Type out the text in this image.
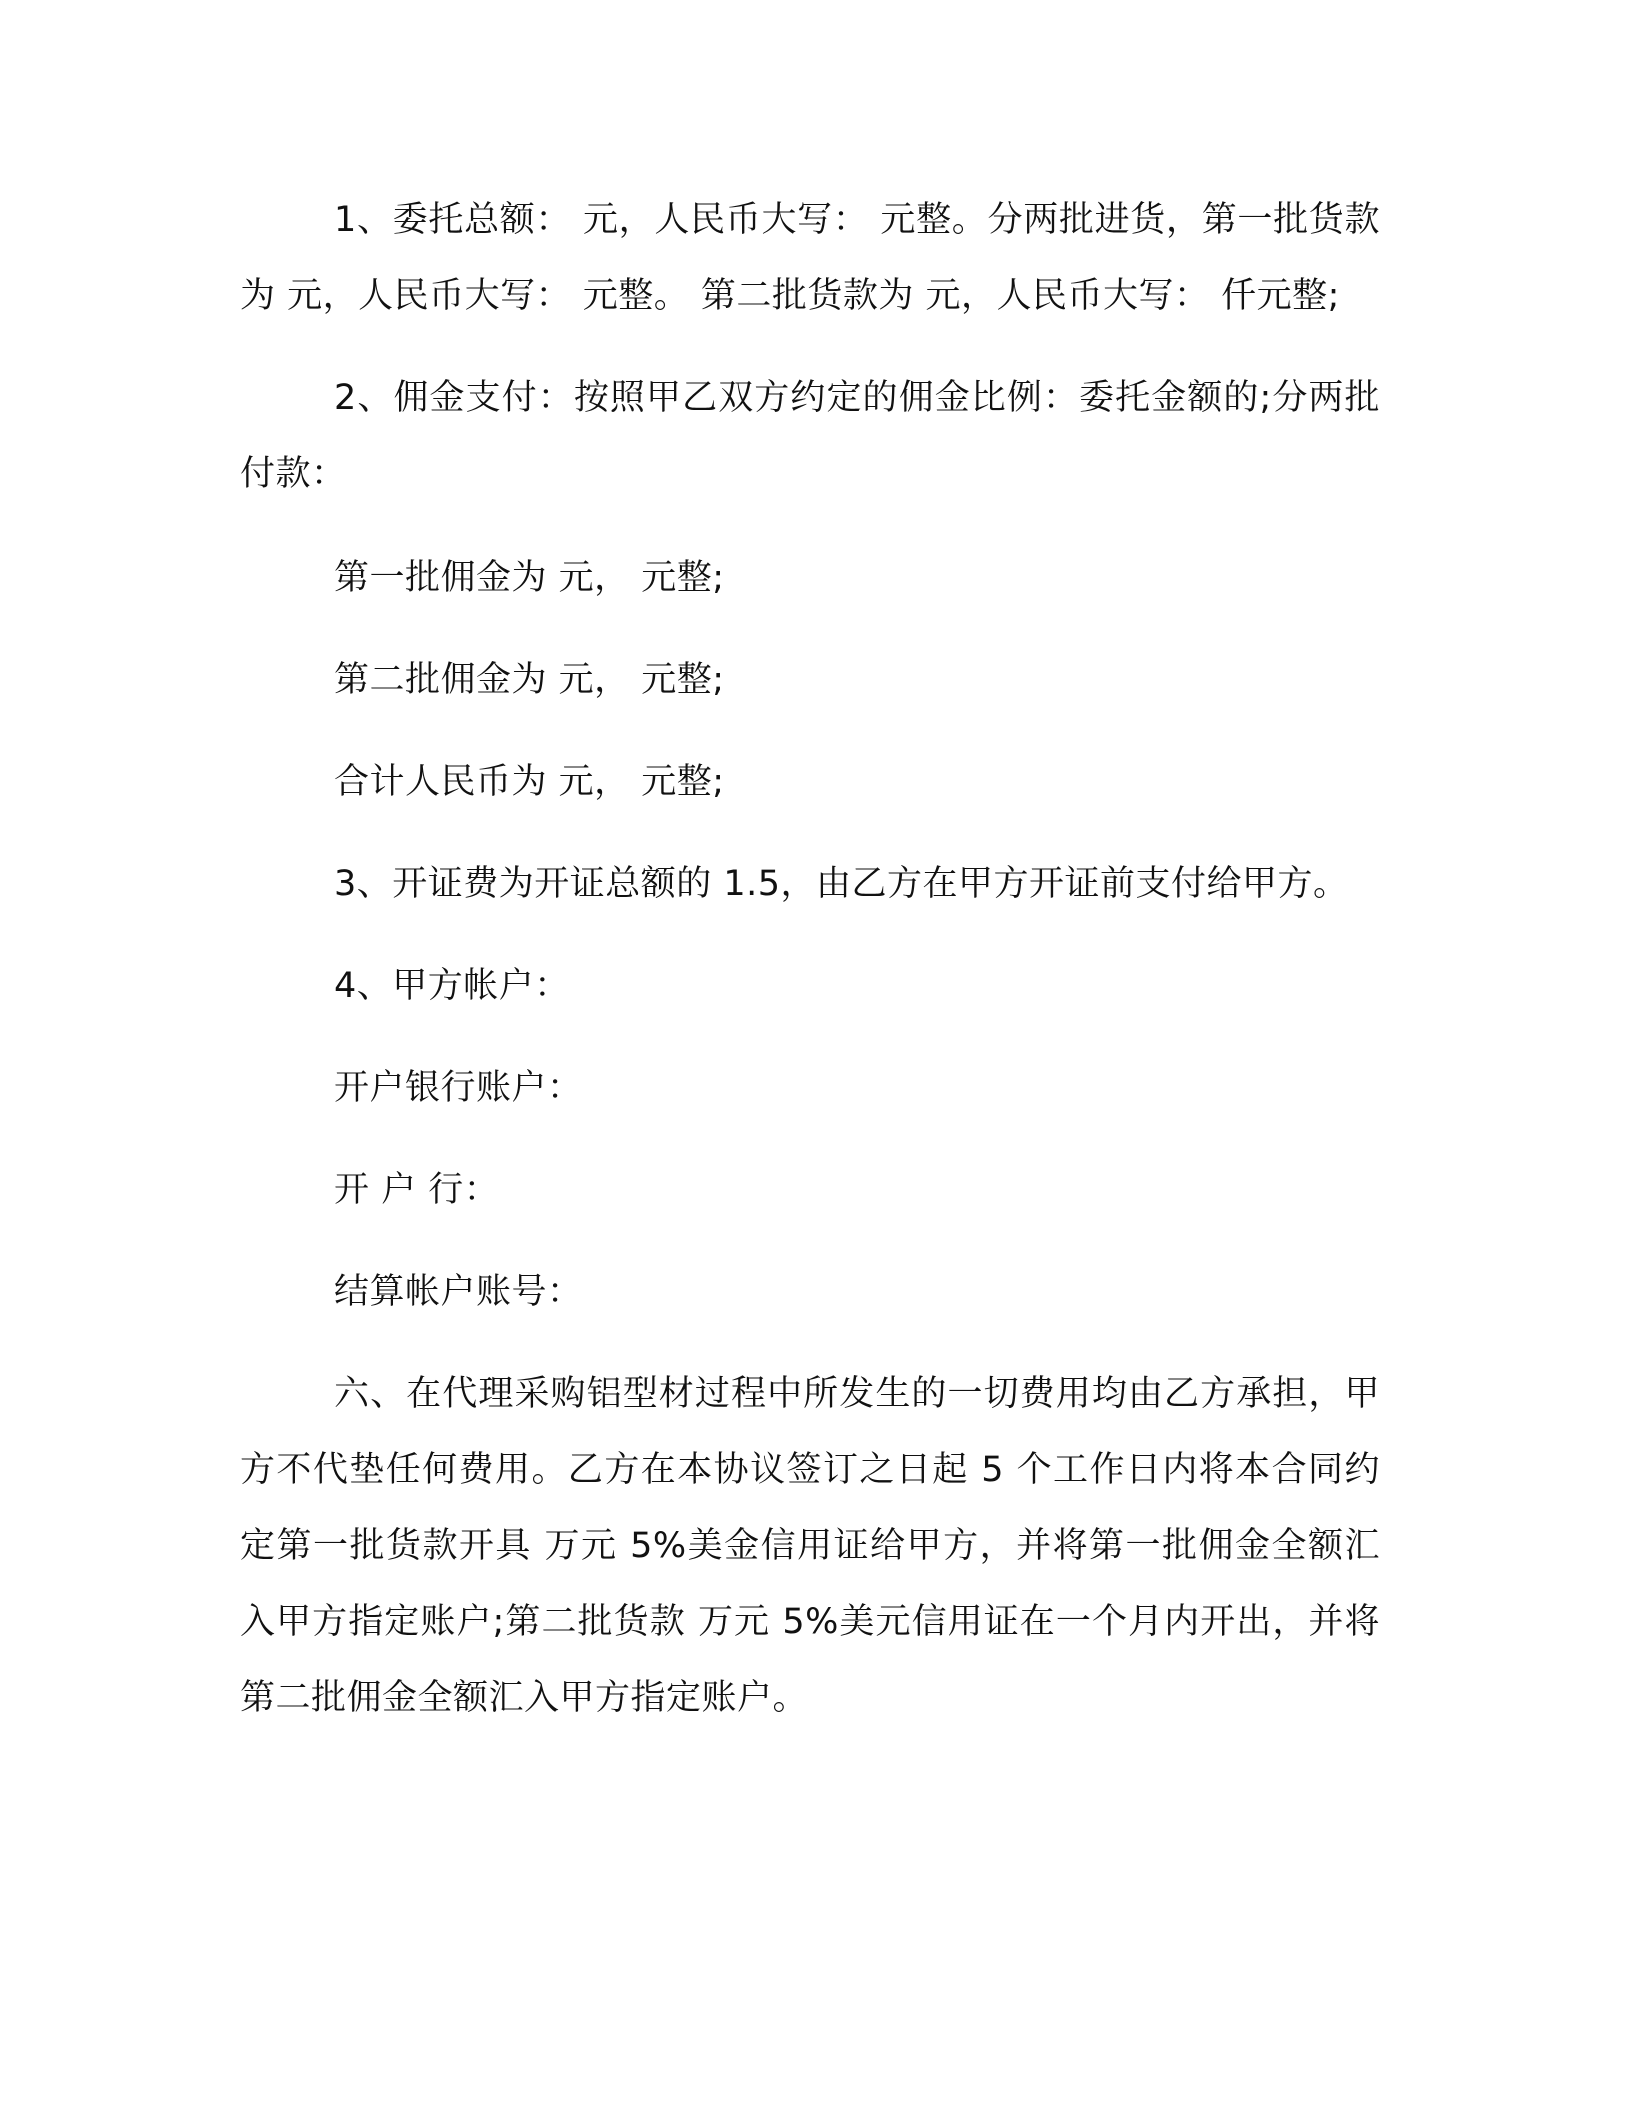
1、委托总额： 元，人民币大写： 元整。分两批进货，第一批货款为 元，人民币大写： 元整。 第二批货款为 元，人民币大写： 仟元整;

2、佣金支付：按照甲乙双方约定的佣金比例：委托金额的;分两批付款：

第一批佣金为 元， 元整;

第二批佣金为 元， 元整;

合计人民币为 元， 元整;

3、开证费为开证总额的 1.5，由乙方在甲方开证前支付给甲方。

4、甲方帐户：

开户银行账户：

开 户 行：

结算帐户账号：

六、在代理采购铝型材过程中所发生的一切费用均由乙方承担，甲方不代垫任何费用。乙方在本协议签订之日起 5 个工作日内将本合同约定第一批货款开具 万元 5%美金信用证给甲方，并将第一批佣金全额汇入甲方指定账户;第二批货款 万元 5%美元信用证在一个月内开出，并将第二批佣金全额汇入甲方指定账户。
